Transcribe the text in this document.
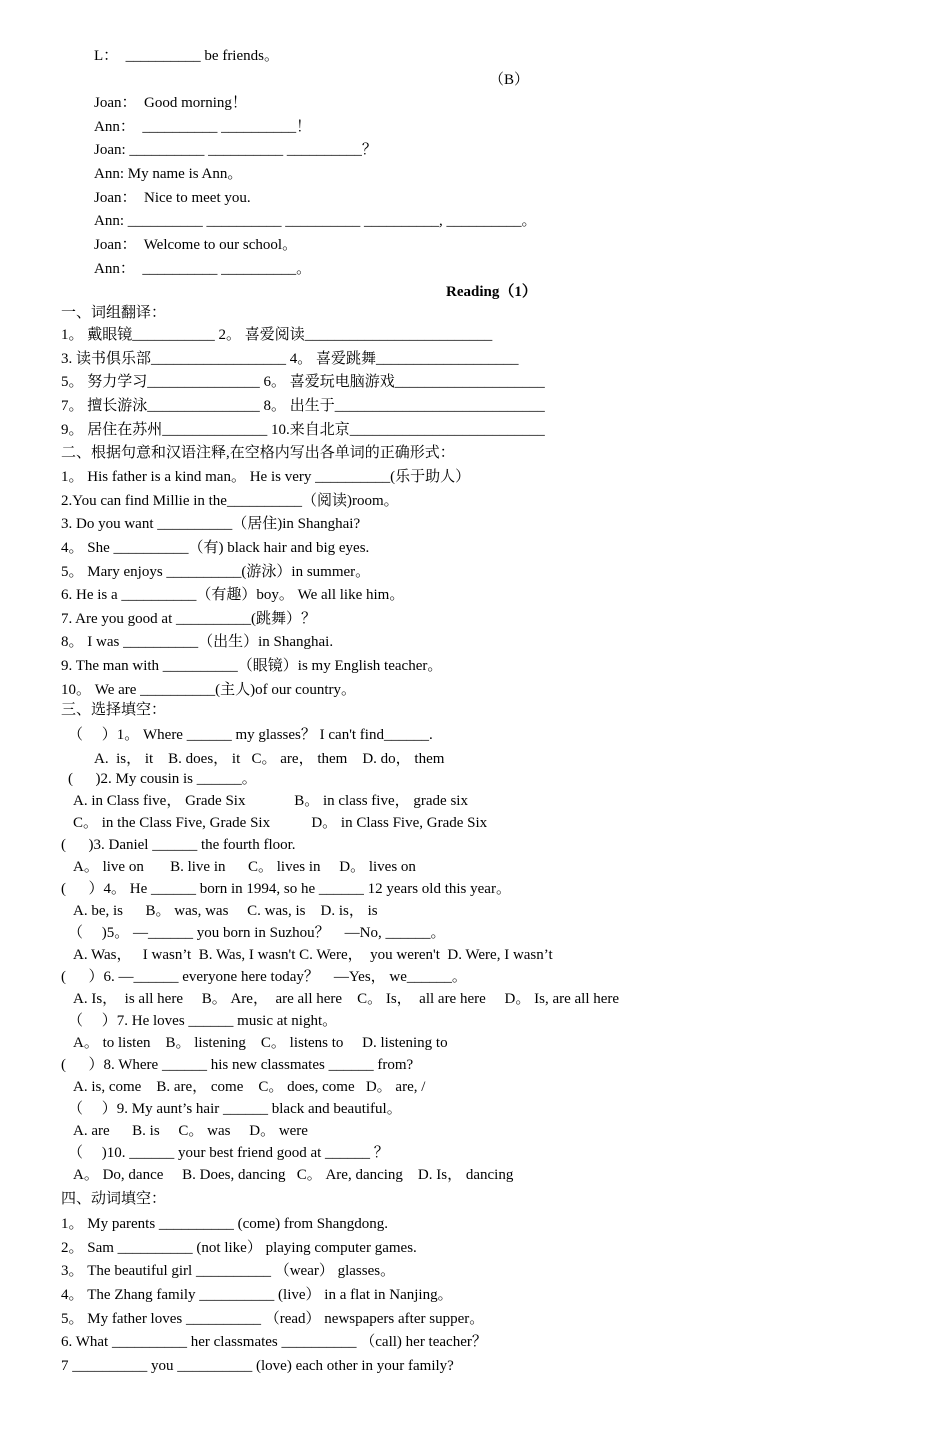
L：  __________ be friends。
（B）
Joan：  Good morning！
Ann：  __________ __________！
Joan: __________ __________ __________？
Ann: My name is Ann。
Joan：  Nice to meet you.
Ann: __________ __________ __________ __________, __________。
Joan：  Welcome to our school。
Ann：  __________ __________。
Reading（1）
一、词组翻译：
1。 戴眼镜___________ 2。 喜爱阅读_________________________
3. 读书俱乐部__________________ 4。 喜爱跳舞___________________
5。 努力学习_______________ 6。 喜爱玩电脑游戏____________________
7。 擅长游泳_______________ 8。 出生于____________________________
9。 居住在苏州______________ 10.来自北京__________________________
二、根据句意和汉语注释,在空格内写出各单词的正确形式：
1。 His father is a kind man。 He is very __________(乐于助人）
2.You can find Millie in the__________（阅读)room。
3. Do you want __________（居住)in Shanghai?
4。 She __________（有) black hair and big eyes.
5。 Mary enjoys __________(游泳）in summer。
6. He is a __________（有趣）boy。 We all like him。
7. Are you good at __________(跳舞）？
8。 I was __________（出生）in Shanghai.
9. The man with __________（眼镜）is my English teacher。
10。 We are __________(主人)of our country。
三、选择填空：
（     ）1。 Where ______ my glasses？ I can't find______.
A.  is， it    B. does， it   C。 are， them    D. do， them
(      )2. My cousin is ______。
A. in Class five， Grade Six             B。 in class five， grade six
C。 in the Class Five, Grade Six           D。 in Class Five, Grade Six
(      )3. Daniel ______ the fourth floor.
A。 live on       B. live in      C。 lives in     D。 lives on
(      ）4。 He ______ born in 1994, so he ______ 12 years old this year。
A. be, is      B。 was, was     C. was, is    D. is， is
（     )5。 —______ you born in Suzhou？    —No, ______。
A. Was，   I wasn’t  B. Was, I wasn't C. Were，  you weren't  D. Were, I wasn’t
(      ）6. —______ everyone here today？    —Yes， we______。
A. Is，  is all here     B。 Are，  are all here    C。 Is，  all are here     D。 Is, are all here
（     ）7. He loves ______ music at night。
A。 to listen    B。 listening    C。 listens to     D. listening to
(      ）8. Where ______ his new classmates ______ from?
A. is, come    B. are， come    C。 does, come   D。 are, /
（     ）9. My aunt’s hair ______ black and beautiful。
A. are      B. is     C。 was     D。 were
（     )10. ______ your best friend good at ______ ？
A。 Do, dance     B. Does, dancing   C。 Are, dancing    D. Is， dancing
四、动词填空：
1。 My parents __________ (come) from Shangdong.
2。 Sam __________ (not like） playing computer games.
3。 The beautiful girl __________ （wear） glasses。
4。 The Zhang family __________ (live） in a flat in Nanjing。
5。 My father loves __________ （read） newspapers after supper。
6. What __________ her classmates __________ （call) her teacher？
7 __________ you __________ (love) each other in your family?
